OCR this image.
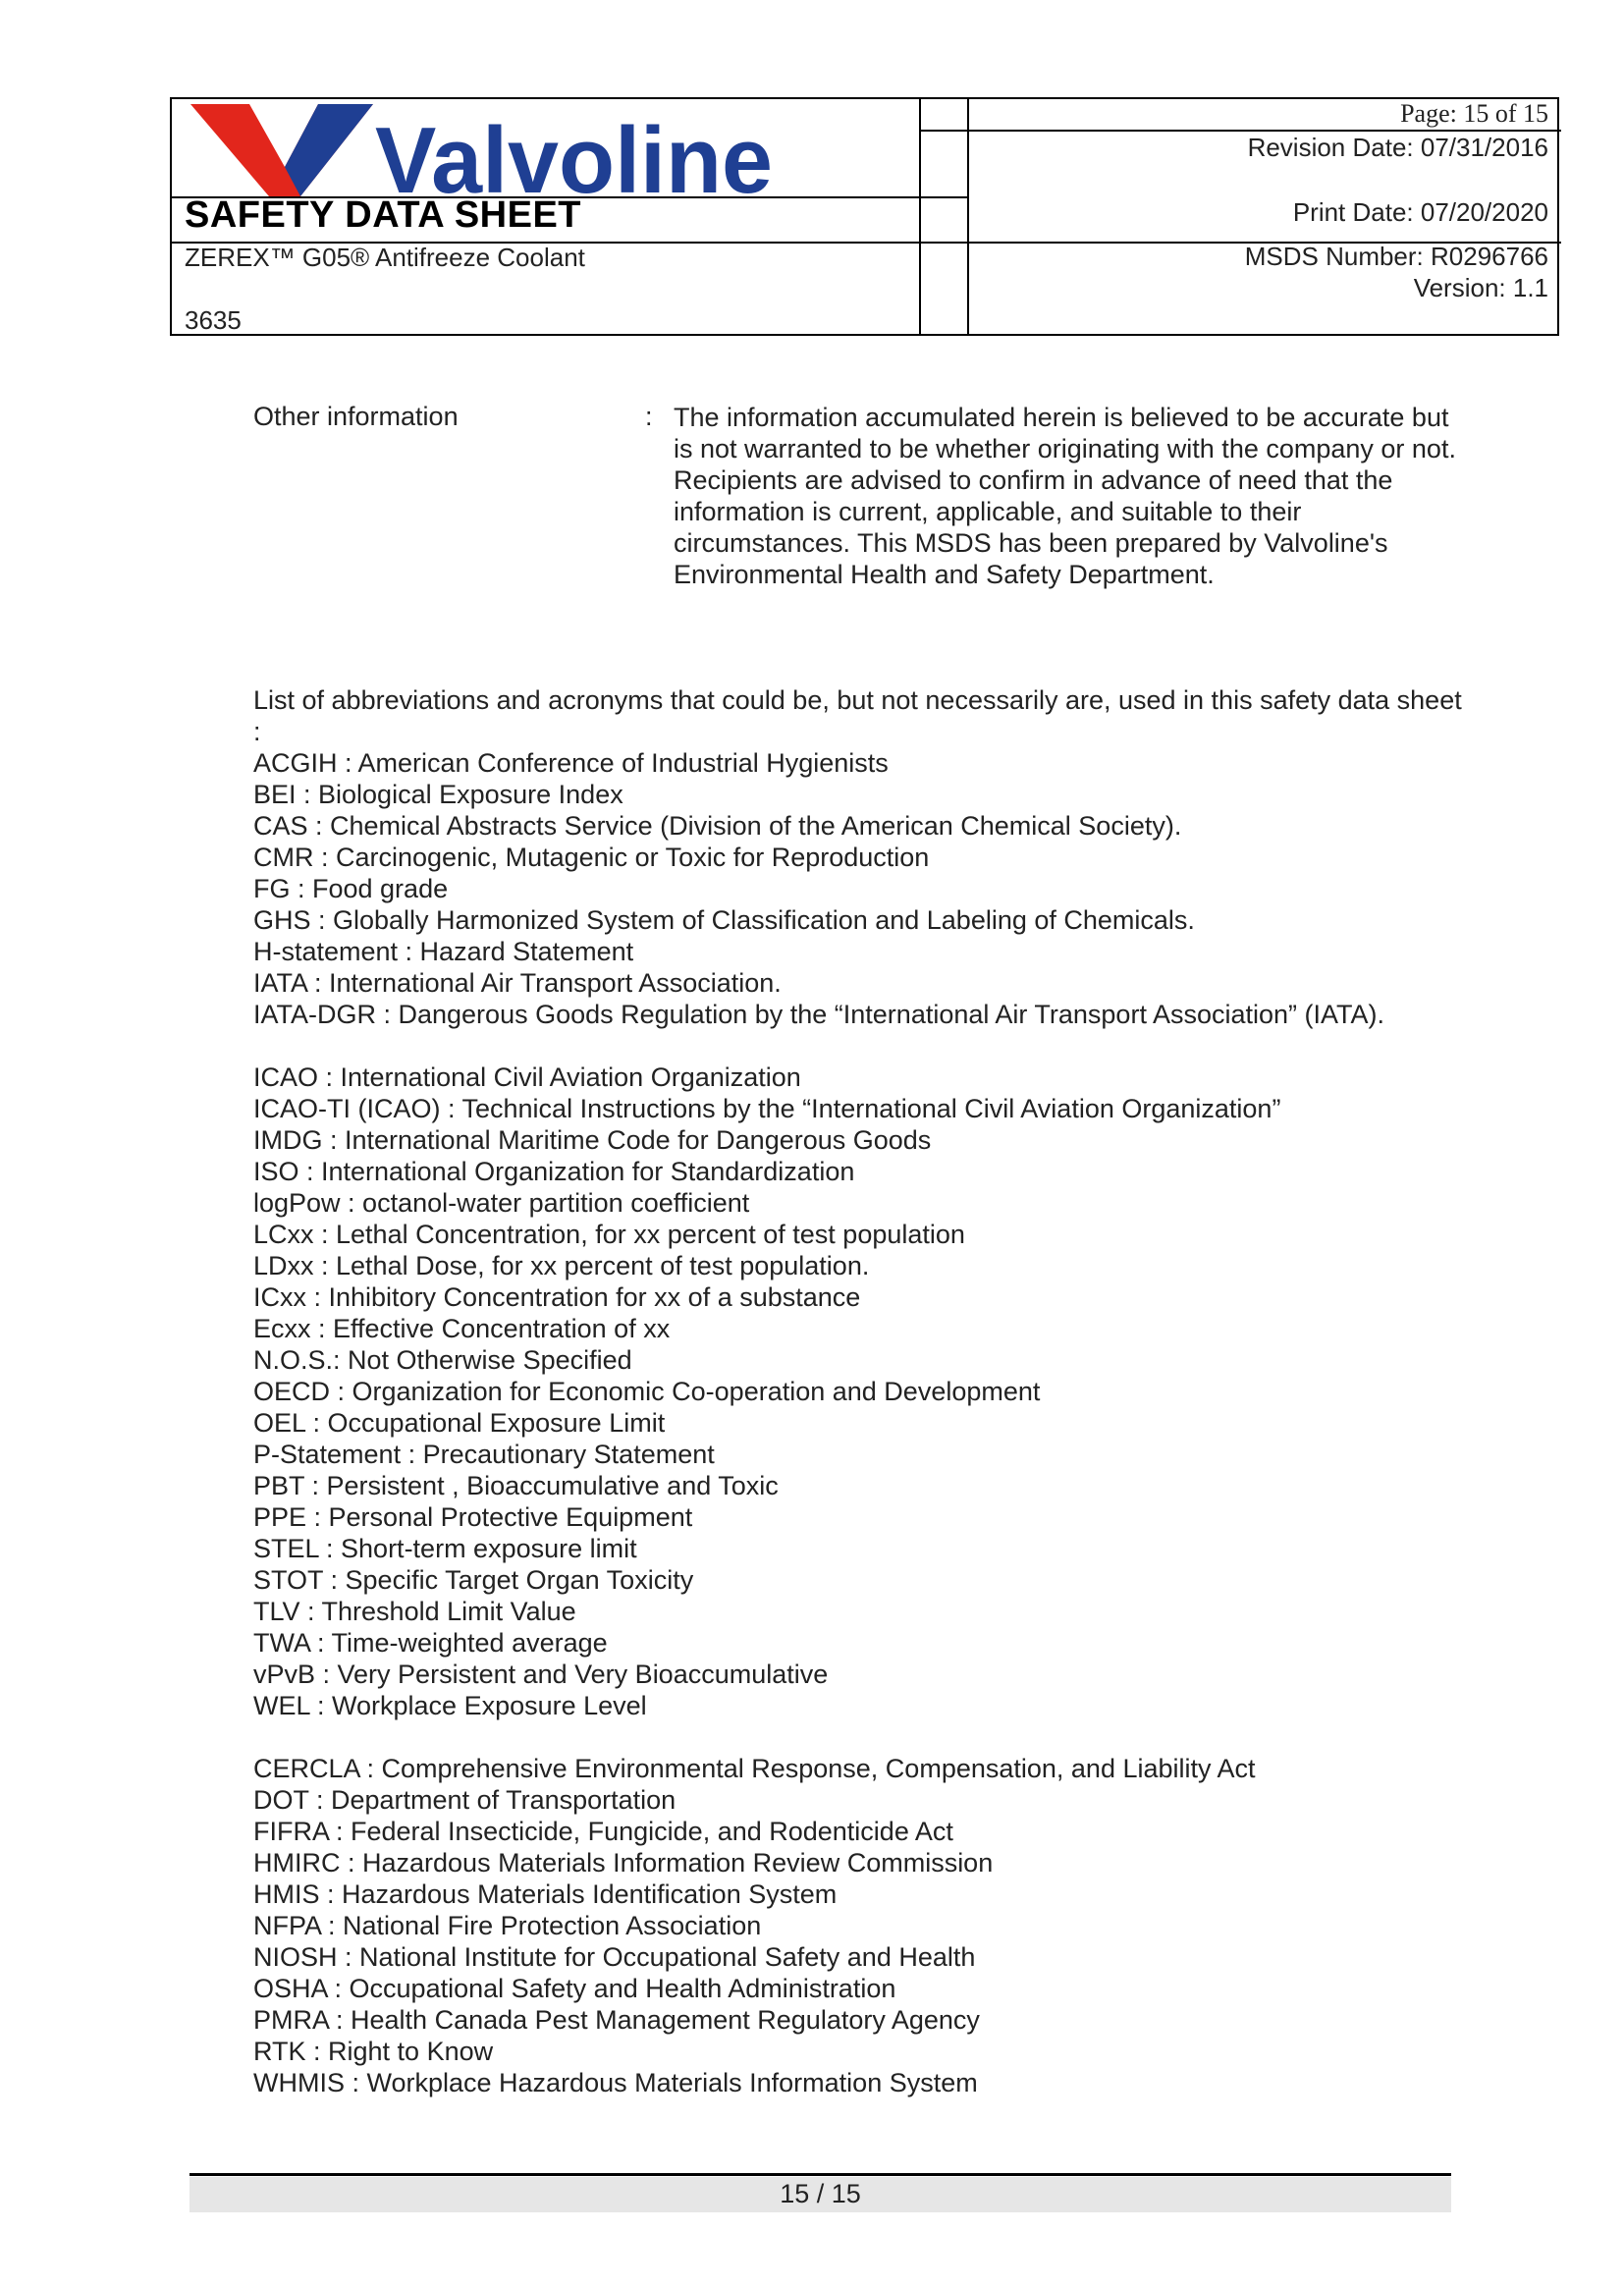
Valvoline
SAFETY DATA SHEET
ZEREX™ G05® Antifreeze Coolant
3635
Page: 15 of 15
Revision Date: 07/31/2016
Print Date: 07/20/2020
MSDS Number: R0296766
Version: 1.1
Other information	: The information accumulated herein is believed to be accurate but is not warranted to be whether originating with the company or not. Recipients are advised to confirm in advance of need that the information is current, applicable, and suitable to their circumstances. This MSDS has been prepared by Valvoline's Environmental Health and Safety Department.
List of abbreviations and acronyms that could be, but not necessarily are, used in this safety data sheet :
ACGIH : American Conference of Industrial Hygienists
BEI : Biological Exposure Index
CAS : Chemical Abstracts Service (Division of the American Chemical Society).
CMR : Carcinogenic, Mutagenic or Toxic for Reproduction
FG : Food grade
GHS : Globally Harmonized System of Classification and Labeling of Chemicals.
H-statement : Hazard Statement
IATA : International Air Transport Association.
IATA-DGR : Dangerous Goods Regulation by the “International Air Transport Association” (IATA).
ICAO : International Civil Aviation Organization
ICAO-TI (ICAO) : Technical Instructions by the “International Civil Aviation Organization”
IMDG : International Maritime Code for Dangerous Goods
ISO : International Organization for Standardization
logPow : octanol-water partition coefficient
LCxx : Lethal Concentration, for xx percent of test population
LDxx : Lethal Dose, for xx percent of test population.
ICxx : Inhibitory Concentration for xx of a substance
Ecxx : Effective Concentration of xx
N.O.S.: Not Otherwise Specified
OECD : Organization for Economic Co-operation and Development
OEL : Occupational Exposure Limit
P-Statement : Precautionary Statement
PBT : Persistent , Bioaccumulative and Toxic
PPE : Personal Protective Equipment
STEL : Short-term exposure limit
STOT : Specific Target Organ Toxicity
TLV : Threshold Limit Value
TWA : Time-weighted average
vPvB : Very Persistent and Very Bioaccumulative
WEL : Workplace Exposure Level
CERCLA : Comprehensive Environmental Response, Compensation, and Liability Act
DOT : Department of Transportation
FIFRA : Federal Insecticide, Fungicide, and Rodenticide Act
HMIRC : Hazardous Materials Information Review Commission
HMIS : Hazardous Materials Identification System
NFPA : National Fire Protection Association
NIOSH : National Institute for Occupational Safety and Health
OSHA : Occupational Safety and Health Administration
PMRA : Health Canada Pest Management Regulatory Agency
RTK : Right to Know
WHMIS : Workplace Hazardous Materials Information System
15 / 15
